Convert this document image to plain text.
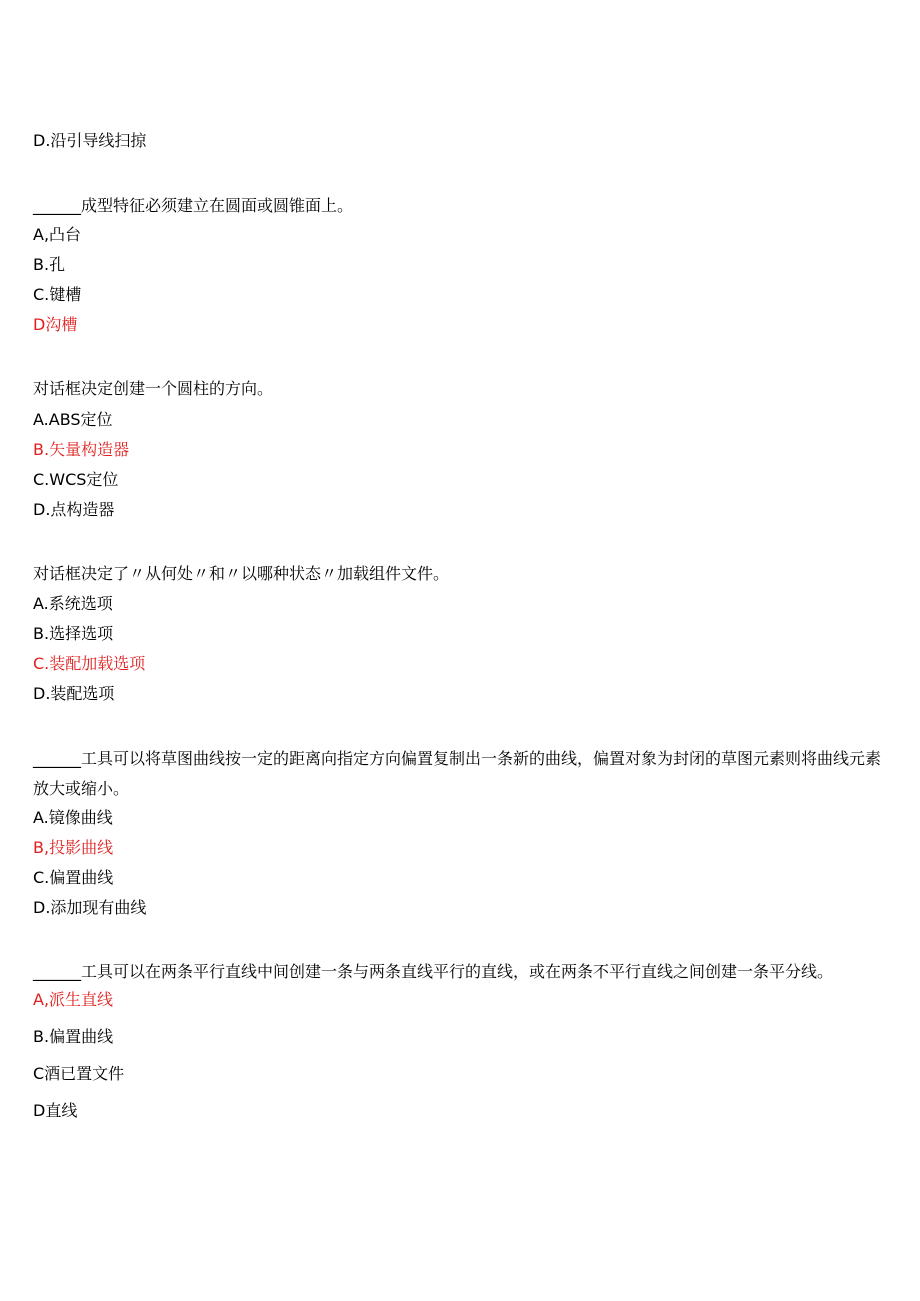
D.沿引导线扫掠
______成型特征必须建立在圆面或圆锥面上。
A,凸台
B.孔
C.键槽
D沟槽
对话框决定创建一个圆柱的方向。
A.ABS定位
B.矢量构造器
C.WCS定位
D.点构造器
对话框决定了〃从何处〃和〃以哪种状态〃加载组件文件。
A.系统选项
B.选择选项
C.装配加载选项
D.装配选项
______工具可以将草图曲线按一定的距离向指定方向偏置复制出一条新的曲线，偏置对象为封闭的草图元素则将曲线元素放大或缩小。
A.镜像曲线
B,投影曲线
C.偏置曲线
D.添加现有曲线
______工具可以在两条平行直线中间创建一条与两条直线平行的直线，或在两条不平行直线之间创建一条平分线。
A,派生直线
B.偏置曲线
C酒已置文件
D直线
